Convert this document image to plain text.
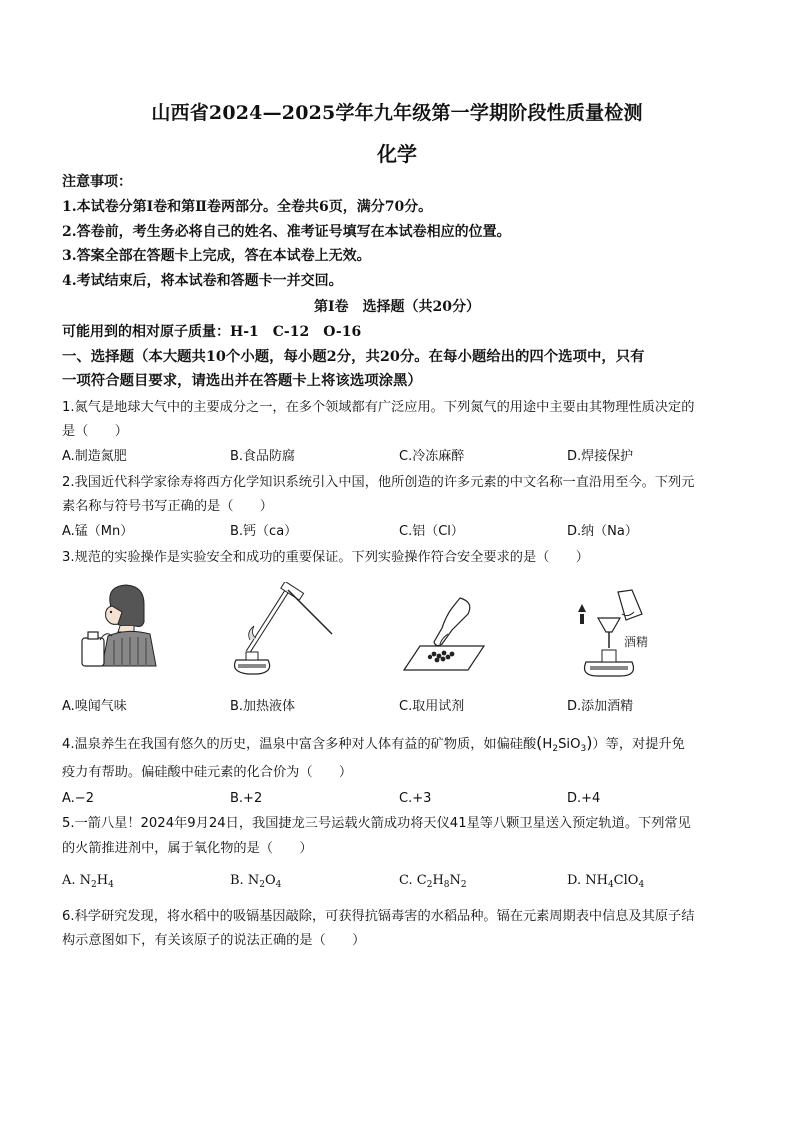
山西省2024—2025学年九年级第一学期阶段性质量检测
化学
注意事项：
1.本试卷分第Ⅰ卷和第Ⅱ卷两部分。全卷共6页，满分70分。
2.答卷前，考生务必将自己的姓名、准考证号填写在本试卷相应的位置。
3.答案全部在答题卡上完成，答在本试卷上无效。
4.考试结束后，将本试卷和答题卡一并交回。
第Ⅰ卷　选择题（共20分）
可能用到的相对原子质量：H-1　C-12　O-16
一、选择题（本大题共10个小题，每小题2分，共20分。在每小题给出的四个选项中，只有
一项符合题目要求，请选出并在答题卡上将该选项涂黑）
1.氮气是地球大气中的主要成分之一，在多个领域都有广泛应用。下列氮气的用途中主要由其物理性质决定的
是（　　）
A.制造氮肥	B.食品防腐	C.冷冻麻醉	D.焊接保护
2.我国近代科学家徐寿将西方化学知识系统引入中国，他所创造的许多元素的中文名称一直沿用至今。下列元
素名称与符号书写正确的是（　　）
A.锰（Mn）	B.钙（ca）	C.铝（Cl）	D.纳（Na）
3.规范的实验操作是实验安全和成功的重要保证。下列实验操作符合安全要求的是（　　）
酒精
A.嗅闻气味	B.加热液体	C.取用试剂	D.添加酒精
4.温泉养生在我国有悠久的历史，温泉中富含多种对人体有益的矿物质，如偏硅酸$(H_2SiO_3)$）等，对提升免
疫力有帮助。偏硅酸中硅元素的化合价为（　　）
A.−2	B.+2	C.+3	D.+4
5.一箭八星！2024年9月24日，我国捷龙三号运载火箭成功将天仪41星等八颗卫星送入预定轨道。下列常见
的火箭推进剂中，属于氧化物的是（　　）
A. $N_2H_4$	B. $N_2O_4$	C. $C_2H_8N_2$	D. $NH_4ClO_4$
6.科学研究发现，将水稻中的吸镉基因敲除，可获得抗镉毒害的水稻品种。镉在元素周期表中信息及其原子结
构示意图如下，有关该原子的说法正确的是（　　）
